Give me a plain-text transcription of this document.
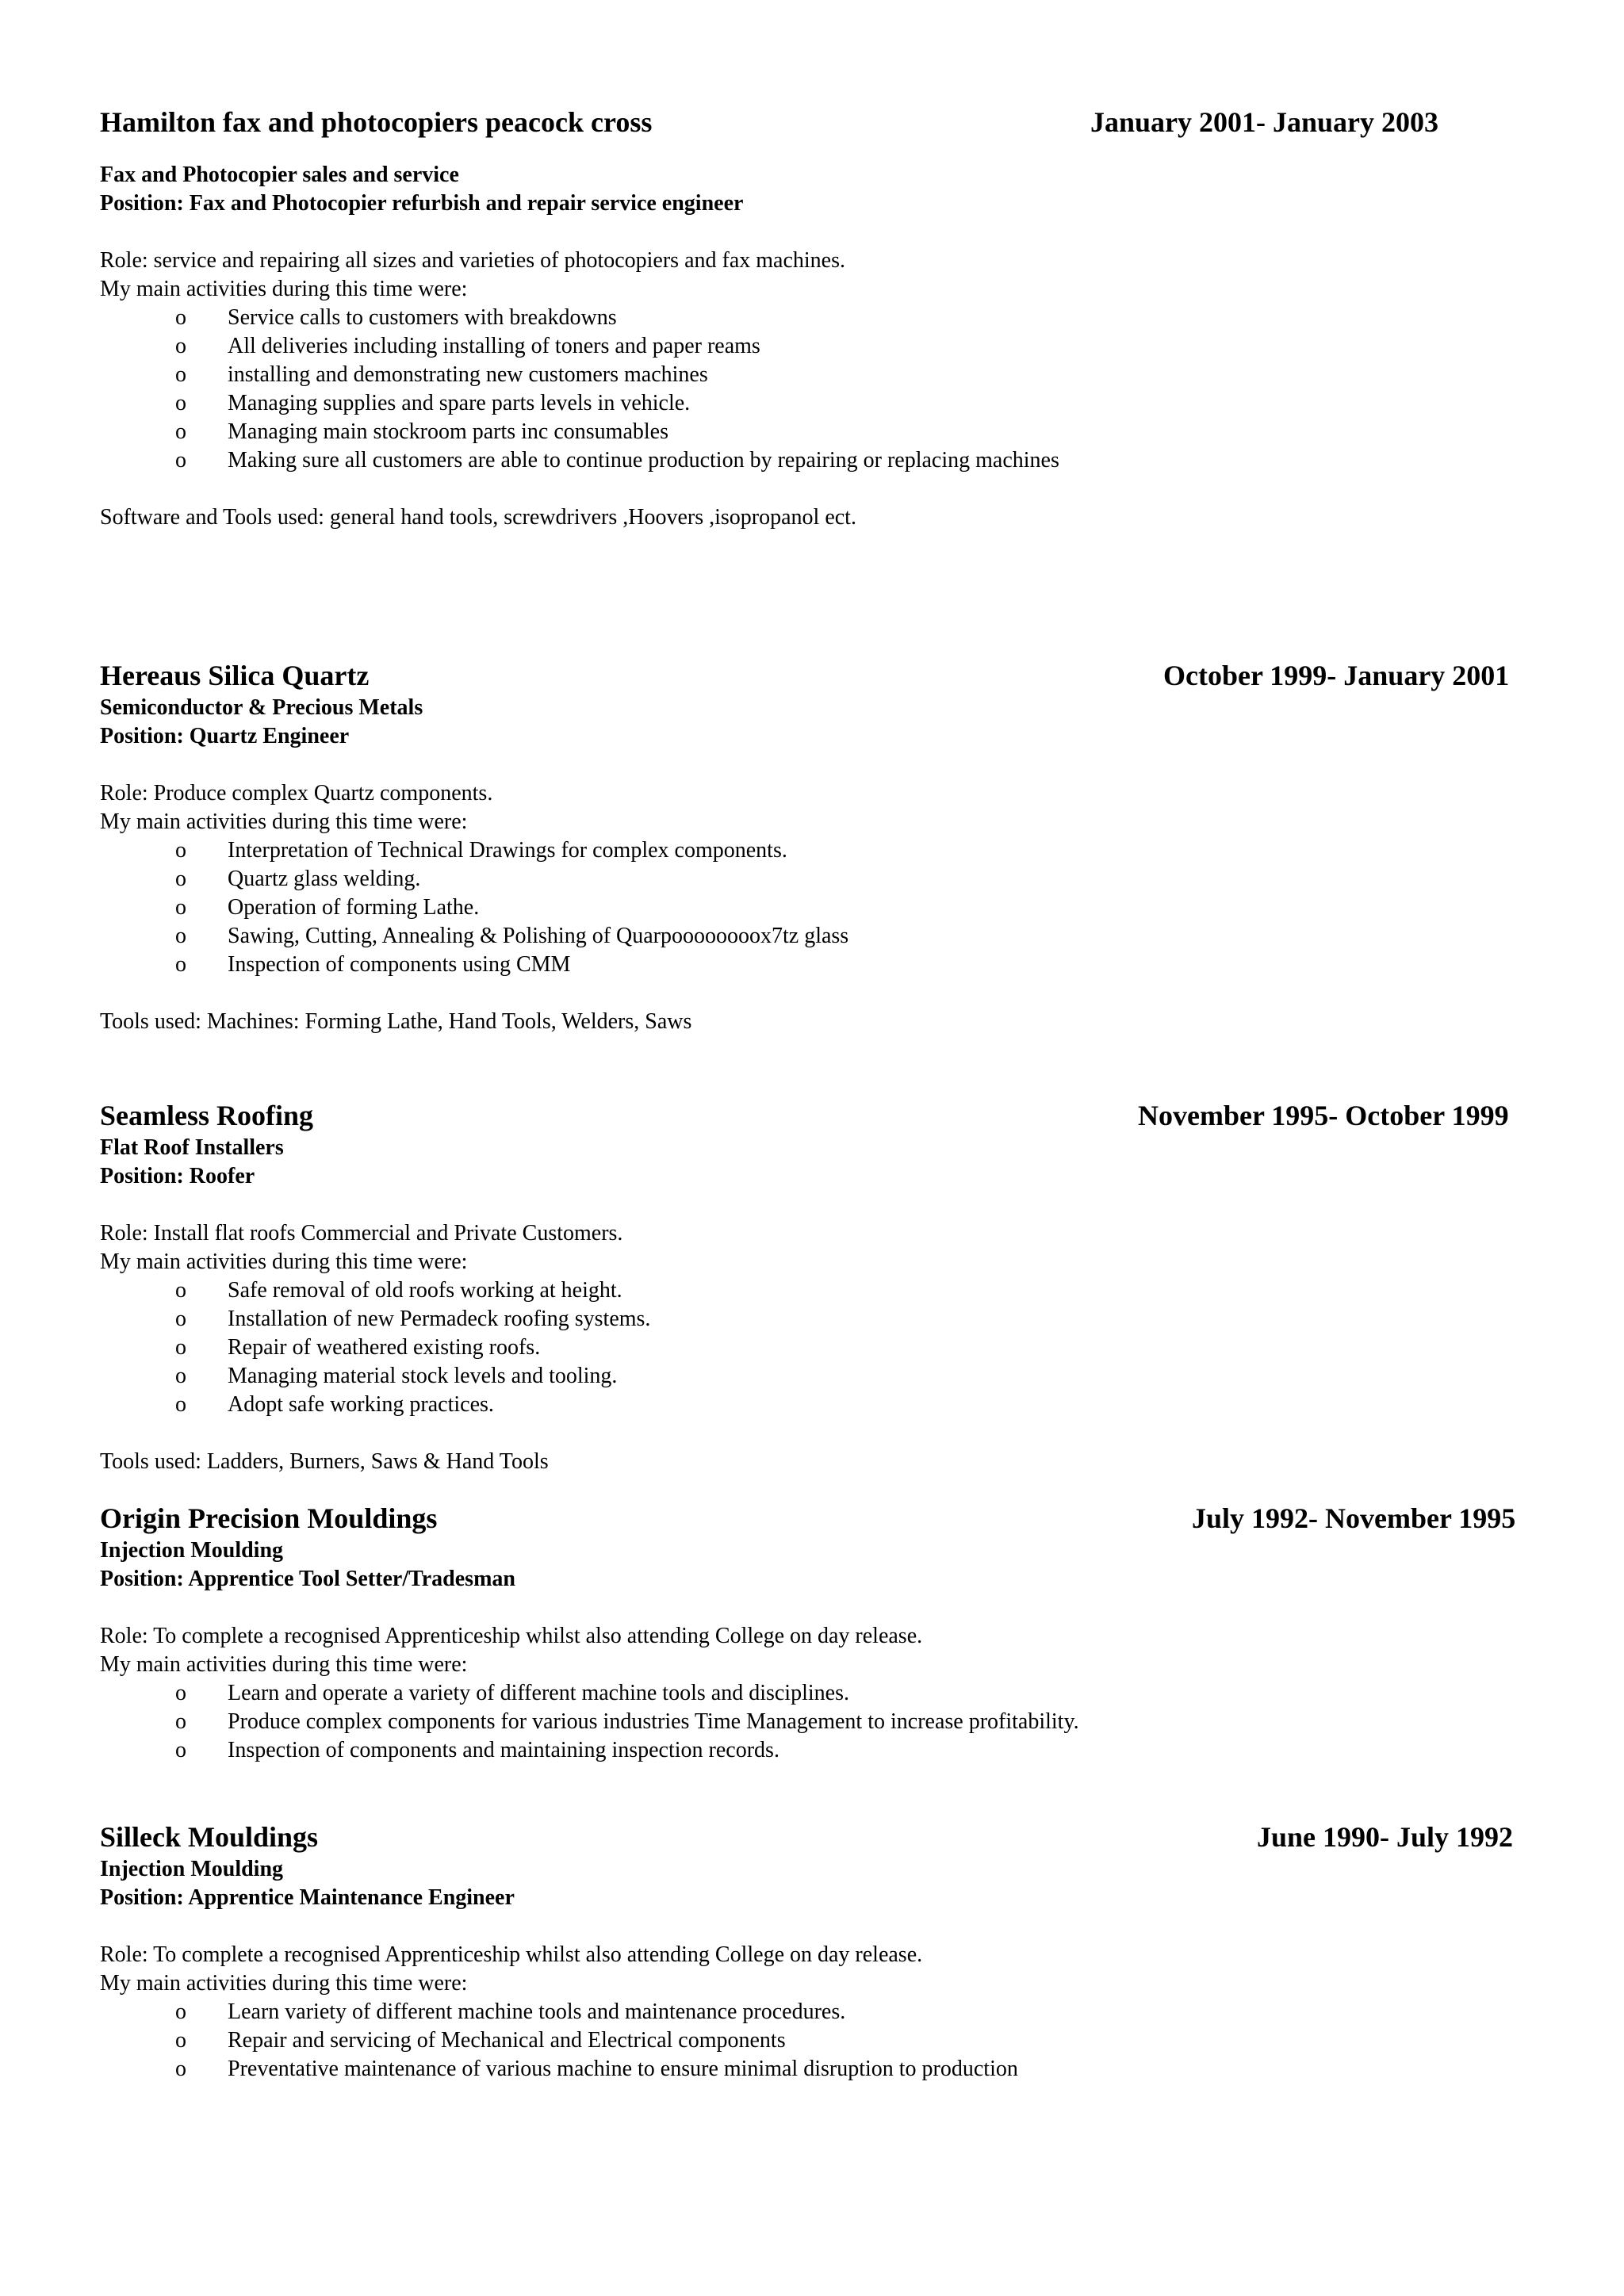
Hamilton fax and photocopiers peacock cross	January 2001- January 2003
Fax and Photocopier sales and service
Position: Fax and Photocopier refurbish and repair service engineer
Role: service and repairing all sizes and varieties of photocopiers and fax machines.
My main activities during this time were:
o Service calls to customers with breakdowns
o All deliveries including installing of toners and paper reams
o installing and demonstrating new customers machines
o Managing supplies and spare parts levels in vehicle.
o Managing main stockroom parts inc consumables
o Making sure all customers are able to continue production by repairing or replacing machines
Software and Tools used: general hand tools, screwdrivers ,Hoovers ,isopropanol ect.
Hereaus Silica Quartz	October 1999- January 2001
Semiconductor & Precious Metals
Position: Quartz Engineer
Role: Produce complex Quartz components.
My main activities during this time were:
o Interpretation of Technical Drawings for complex components.
o Quartz glass welding.
o Operation of forming Lathe.
o Sawing, Cutting, Annealing & Polishing of Quarpoooooooox7tz glass
o Inspection of components using CMM
Tools used: Machines: Forming Lathe, Hand Tools, Welders, Saws
Seamless Roofing	November 1995- October 1999
Flat Roof Installers
Position: Roofer
Role: Install flat roofs Commercial and Private Customers.
My main activities during this time were:
o Safe removal of old roofs working at height.
o Installation of new Permadeck roofing systems.
o Repair of weathered existing roofs.
o Managing material stock levels and tooling.
o Adopt safe working practices.
Tools used: Ladders, Burners, Saws & Hand Tools
Origin Precision Mouldings	July 1992- November 1995
Injection Moulding
Position: Apprentice Tool Setter/Tradesman
Role: To complete a recognised Apprenticeship whilst also attending College on day release.
My main activities during this time were:
o Learn and operate a variety of different machine tools and disciplines.
o Produce complex components for various industries Time Management to increase profitability.
o Inspection of components and maintaining inspection records.
Silleck Mouldings	June 1990- July 1992
Injection Moulding
Position: Apprentice Maintenance Engineer
Role: To complete a recognised Apprenticeship whilst also attending College on day release.
My main activities during this time were:
o Learn variety of different machine tools and maintenance procedures.
o Repair and servicing of Mechanical and Electrical components
o Preventative maintenance of various machine to ensure minimal disruption to production
